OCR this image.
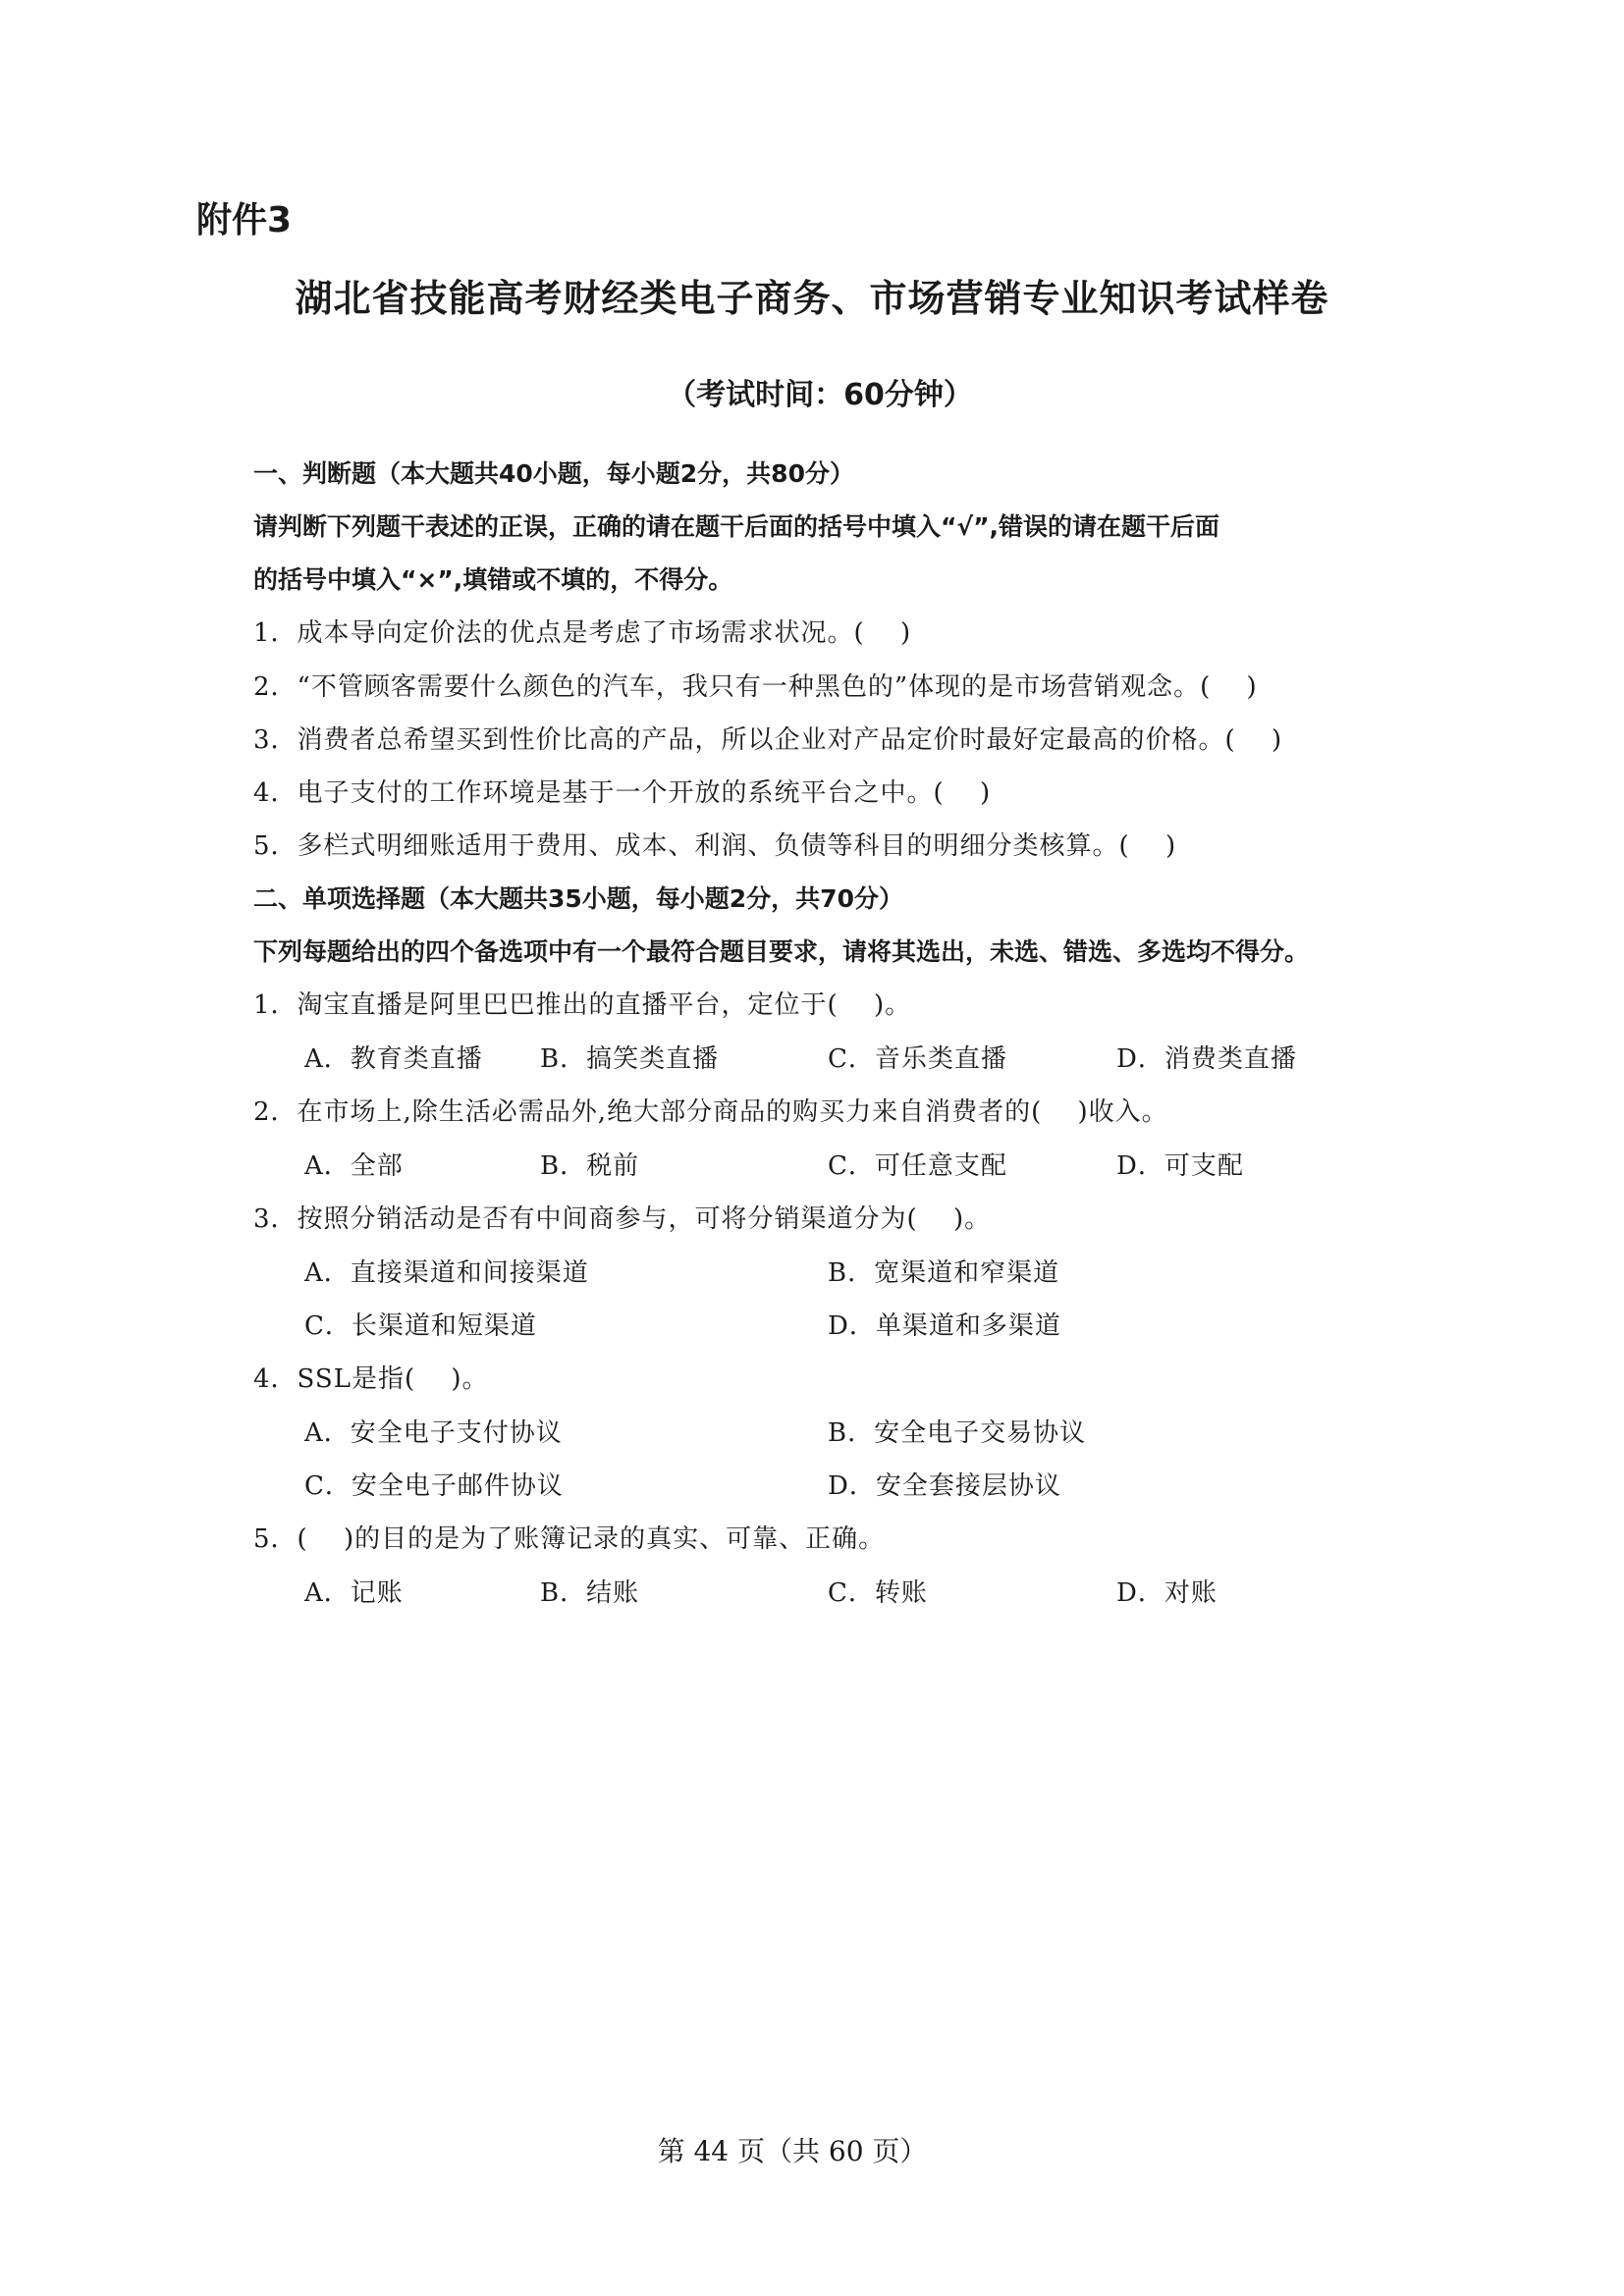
附件3
湖北省技能高考财经类电子商务、市场营销专业知识考试样卷
（考试时间：60分钟）
一、判断题（本大题共40小题，每小题2分，共80分）
请判断下列题干表述的正误，正确的请在题干后面的括号中填入“√”,错误的请在题干后面
的括号中填入“×”,填错或不填的，不得分。
1．成本导向定价法的优点是考虑了市场需求状况。(　 )
2．“不管顾客需要什么颜色的汽车，我只有一种黑色的”体现的是市场营销观念。(　 )
3．消费者总希望买到性价比高的产品，所以企业对产品定价时最好定最高的价格。(　 )
4．电子支付的工作环境是基于一个开放的系统平台之中。(　 )
5．多栏式明细账适用于费用、成本、利润、负债等科目的明细分类核算。(　 )
二、单项选择题（本大题共35小题，每小题2分，共70分）
下列每题给出的四个备选项中有一个最符合题目要求，请将其选出，未选、错选、多选均不得分。
1．淘宝直播是阿里巴巴推出的直播平台，定位于(　 )。
A．教育类直播 B．搞笑类直播	C．音乐类直播	D．消费类直播
2．在市场上,除生活必需品外,绝大部分商品的购买力来自消费者的(　 )收入。
A．全部	B．税前	C．可任意支配	D．可支配
3．按照分销活动是否有中间商参与，可将分销渠道分为(　 )。
A．直接渠道和间接渠道	B．宽渠道和窄渠道
C．长渠道和短渠道	D．单渠道和多渠道
4．SSL是指(　 )。
A．安全电子支付协议	B．安全电子交易协议
C．安全电子邮件协议	D．安全套接层协议
5．(　 )的目的是为了账簿记录的真实、可靠、正确。
A．记账	B．结账	C．转账	D．对账
第 44 页（共 60 页）
